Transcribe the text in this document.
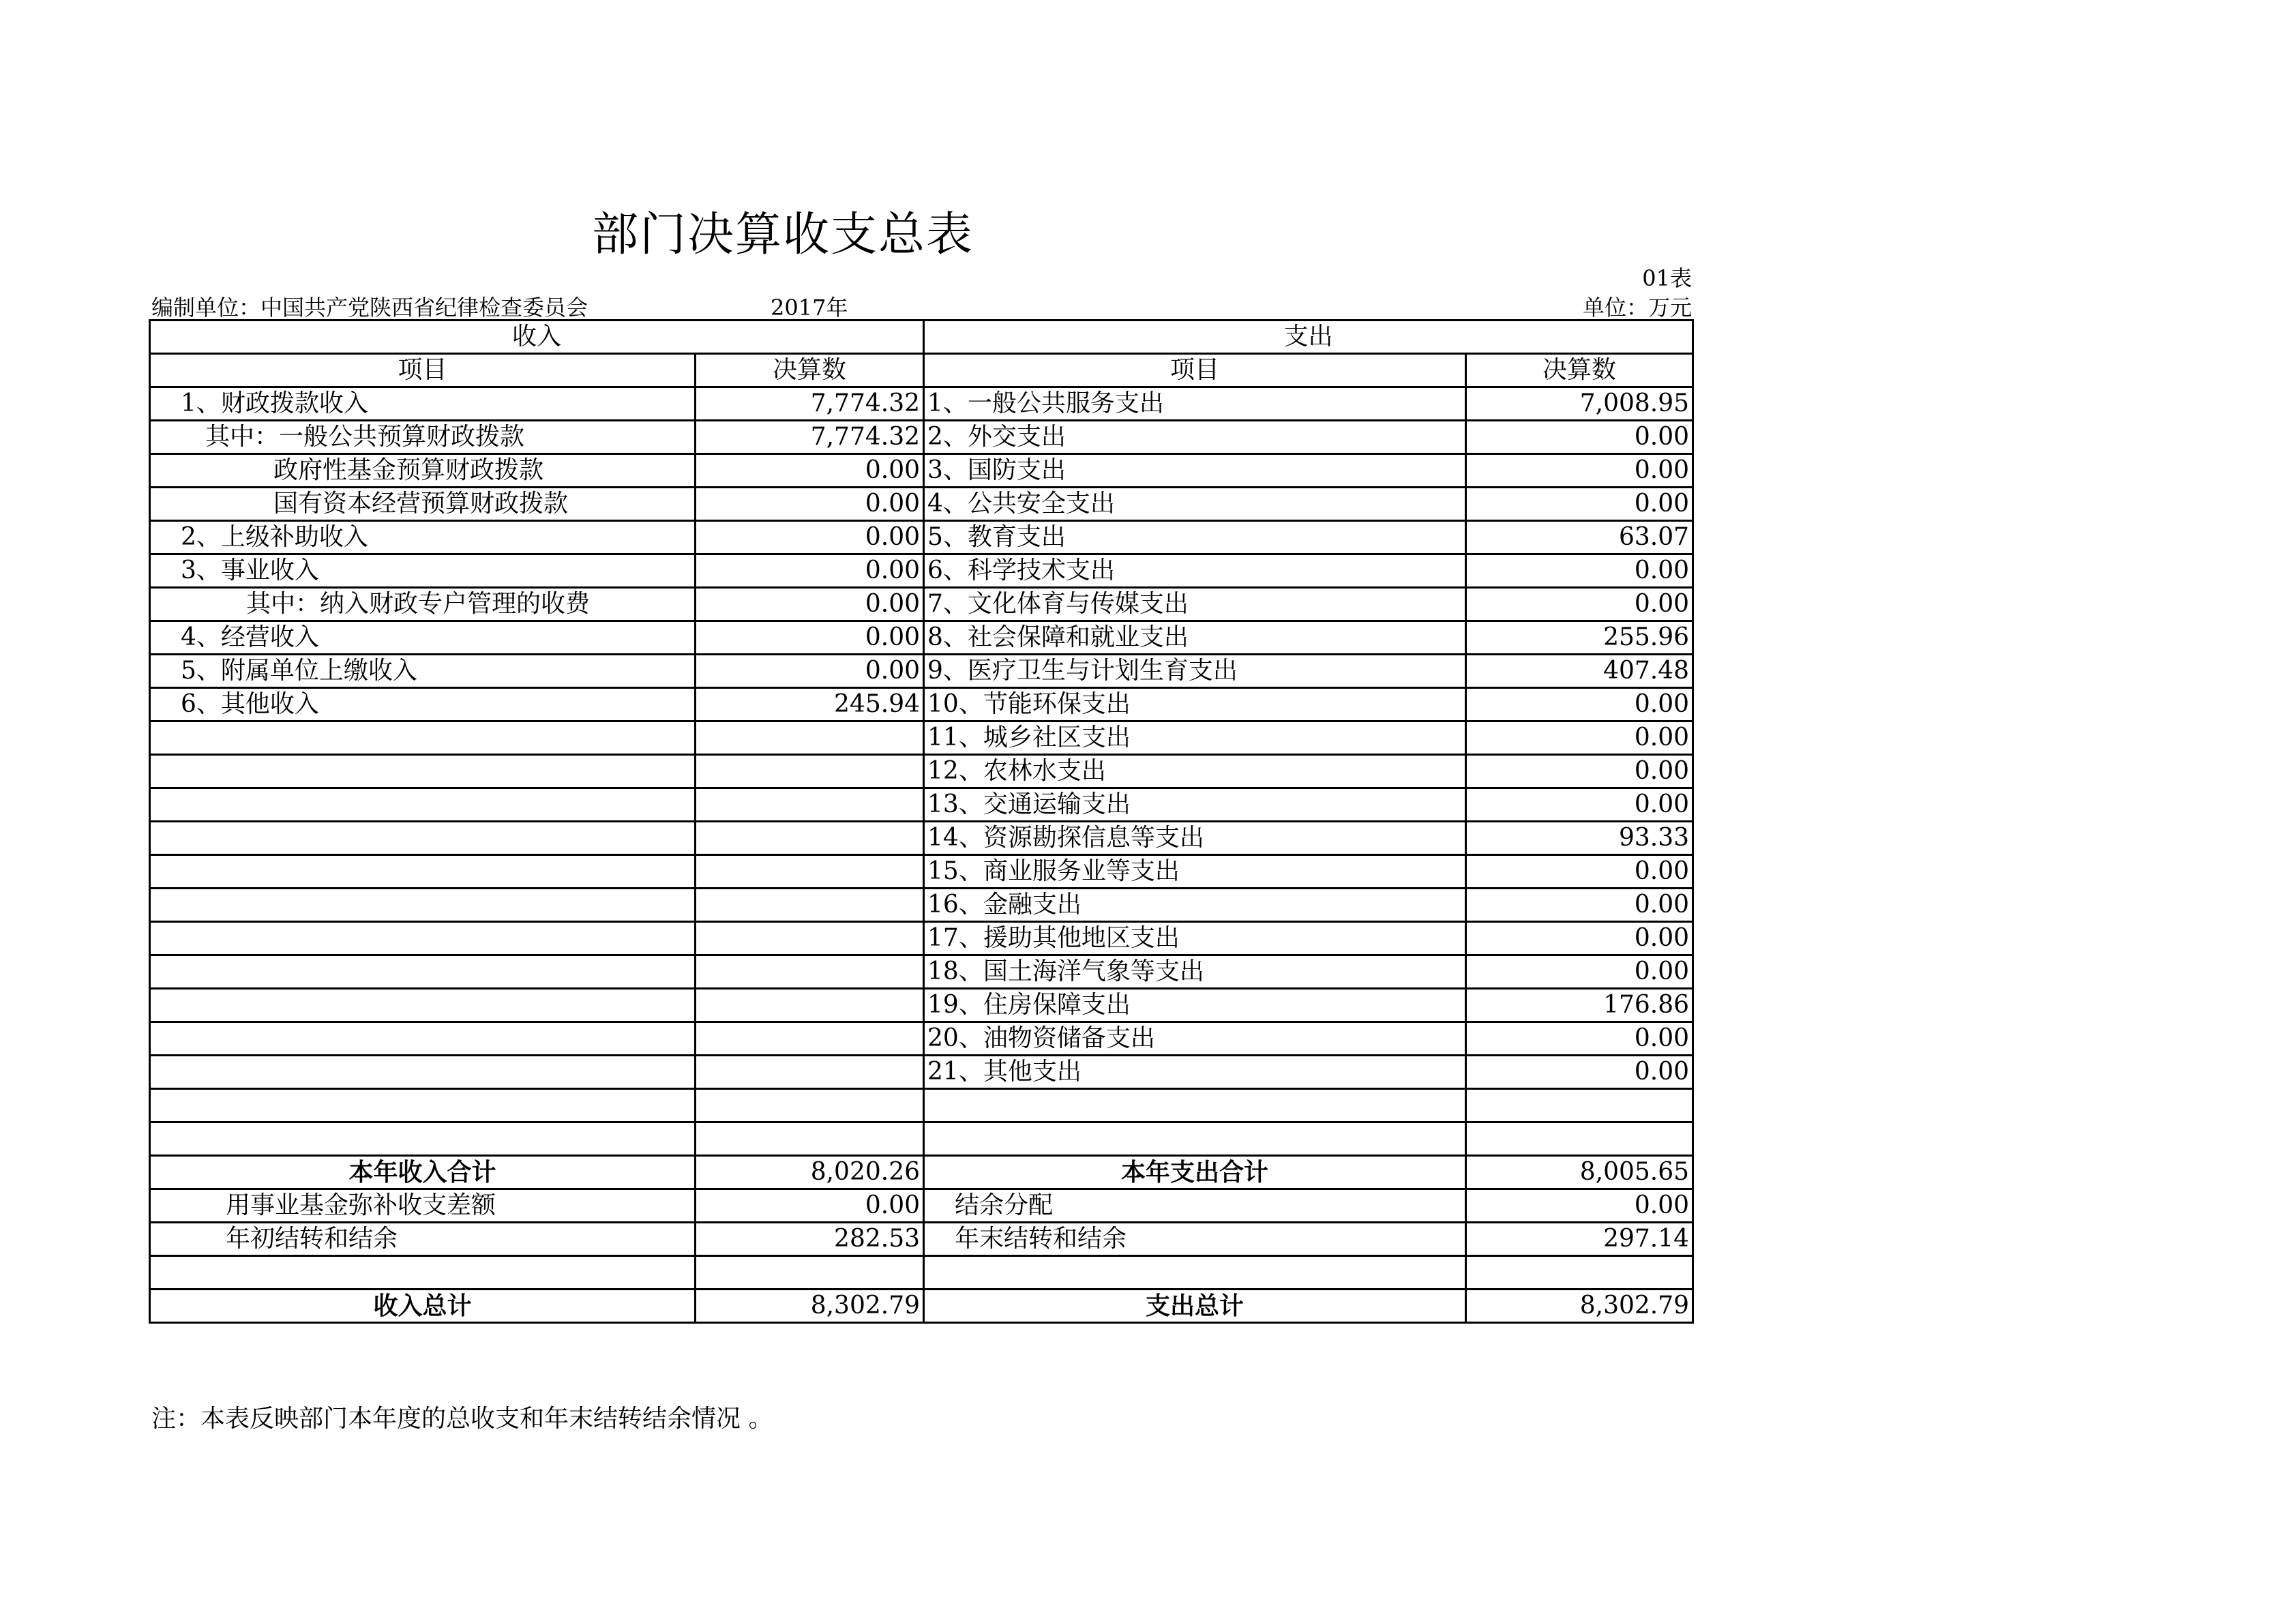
部门决算收支总表
01表
编制单位：中国共产党陕西省纪律检查委员会	2017年	单位：万元
收入		支出	
项目	决算数	项目	决算数
1、财政拨款收入	7,774.32	1、一般公共服务支出	7,008.95
其中：一般公共预算财政拨款	7,774.32	2、外交支出	0.00
政府性基金预算财政拨款	0.00	3、国防支出	0.00
国有资本经营预算财政拨款	0.00	4、公共安全支出	0.00
2、上级补助收入	0.00	5、教育支出	63.07
3、事业收入	0.00	6、科学技术支出	0.00
其中：纳入财政专户管理的收费	0.00	7、文化体育与传媒支出	0.00
4、经营收入	0.00	8、社会保障和就业支出	255.96
5、附属单位上缴收入	0.00	9、医疗卫生与计划生育支出	407.48
6、其他收入	245.94	10、节能环保支出	0.00
		11、城乡社区支出	0.00
		12、农林水支出	0.00
		13、交通运输支出	0.00
		14、资源勘探信息等支出	93.33
		15、商业服务业等支出	0.00
		16、金融支出	0.00
		17、援助其他地区支出	0.00
		18、国土海洋气象等支出	0.00
		19、住房保障支出	176.86
		20、油物资储备支出	0.00
		21、其他支出	0.00

本年收入合计	8,020.26	本年支出合计	8,005.65
用事业基金弥补收支差额	0.00	结余分配	0.00
年初结转和结余	282.53	年末结转和结余	297.14

收入总计	8,302.79	支出总计	8,302.79
注：本表反映部门本年度的总收支和年末结转结余情况 。
